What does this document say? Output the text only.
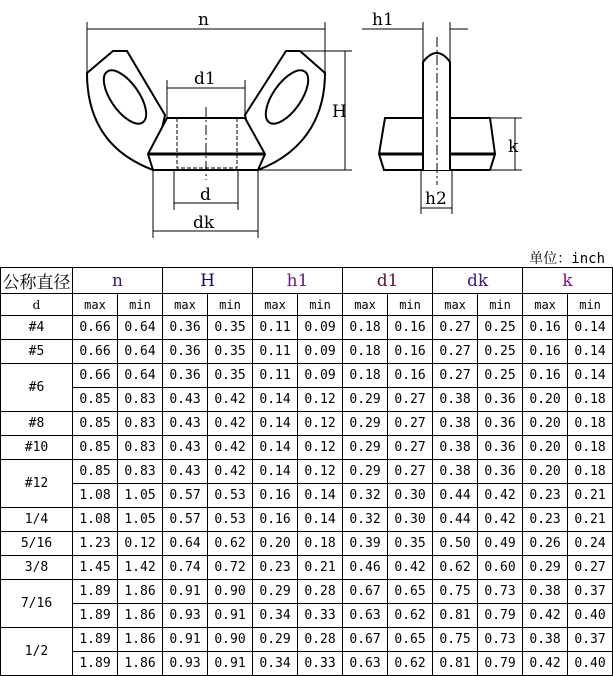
n
d1
H
d
dk
h1
k
h2
单位：inch
公称直径	n		H		h1		d1		dk		k	
d	max	min	max	min	max	min	max	min	max	min	max	min
#4	0.66	0.64	0.36	0.35	0.11	0.09	0.18	0.16	0.27	0.25	0.16	0.14
#5	0.66	0.64	0.36	0.35	0.11	0.09	0.18	0.16	0.27	0.25	0.16	0.14
#6	0.66	0.64	0.36	0.35	0.11	0.09	0.18	0.16	0.27	0.25	0.16	0.14
	0.85	0.83	0.43	0.42	0.14	0.12	0.29	0.27	0.38	0.36	0.20	0.18
#8	0.85	0.83	0.43	0.42	0.14	0.12	0.29	0.27	0.38	0.36	0.20	0.18
#10	0.85	0.83	0.43	0.42	0.14	0.12	0.29	0.27	0.38	0.36	0.20	0.18
#12	0.85	0.83	0.43	0.42	0.14	0.12	0.29	0.27	0.38	0.36	0.20	0.18
	1.08	1.05	0.57	0.53	0.16	0.14	0.32	0.30	0.44	0.42	0.23	0.21
1/4	1.08	1.05	0.57	0.53	0.16	0.14	0.32	0.30	0.44	0.42	0.23	0.21
5/16	1.23	0.12	0.64	0.62	0.20	0.18	0.39	0.35	0.50	0.49	0.26	0.24
3/8	1.45	1.42	0.74	0.72	0.23	0.21	0.46	0.42	0.62	0.60	0.29	0.27
7/16	1.89	1.86	0.91	0.90	0.29	0.28	0.67	0.65	0.75	0.73	0.38	0.37
	1.89	1.86	0.93	0.91	0.34	0.33	0.63	0.62	0.81	0.79	0.42	0.40
1/2	1.89	1.86	0.91	0.90	0.29	0.28	0.67	0.65	0.75	0.73	0.38	0.37
	1.89	1.86	0.93	0.91	0.34	0.33	0.63	0.62	0.81	0.79	0.42	0.40
